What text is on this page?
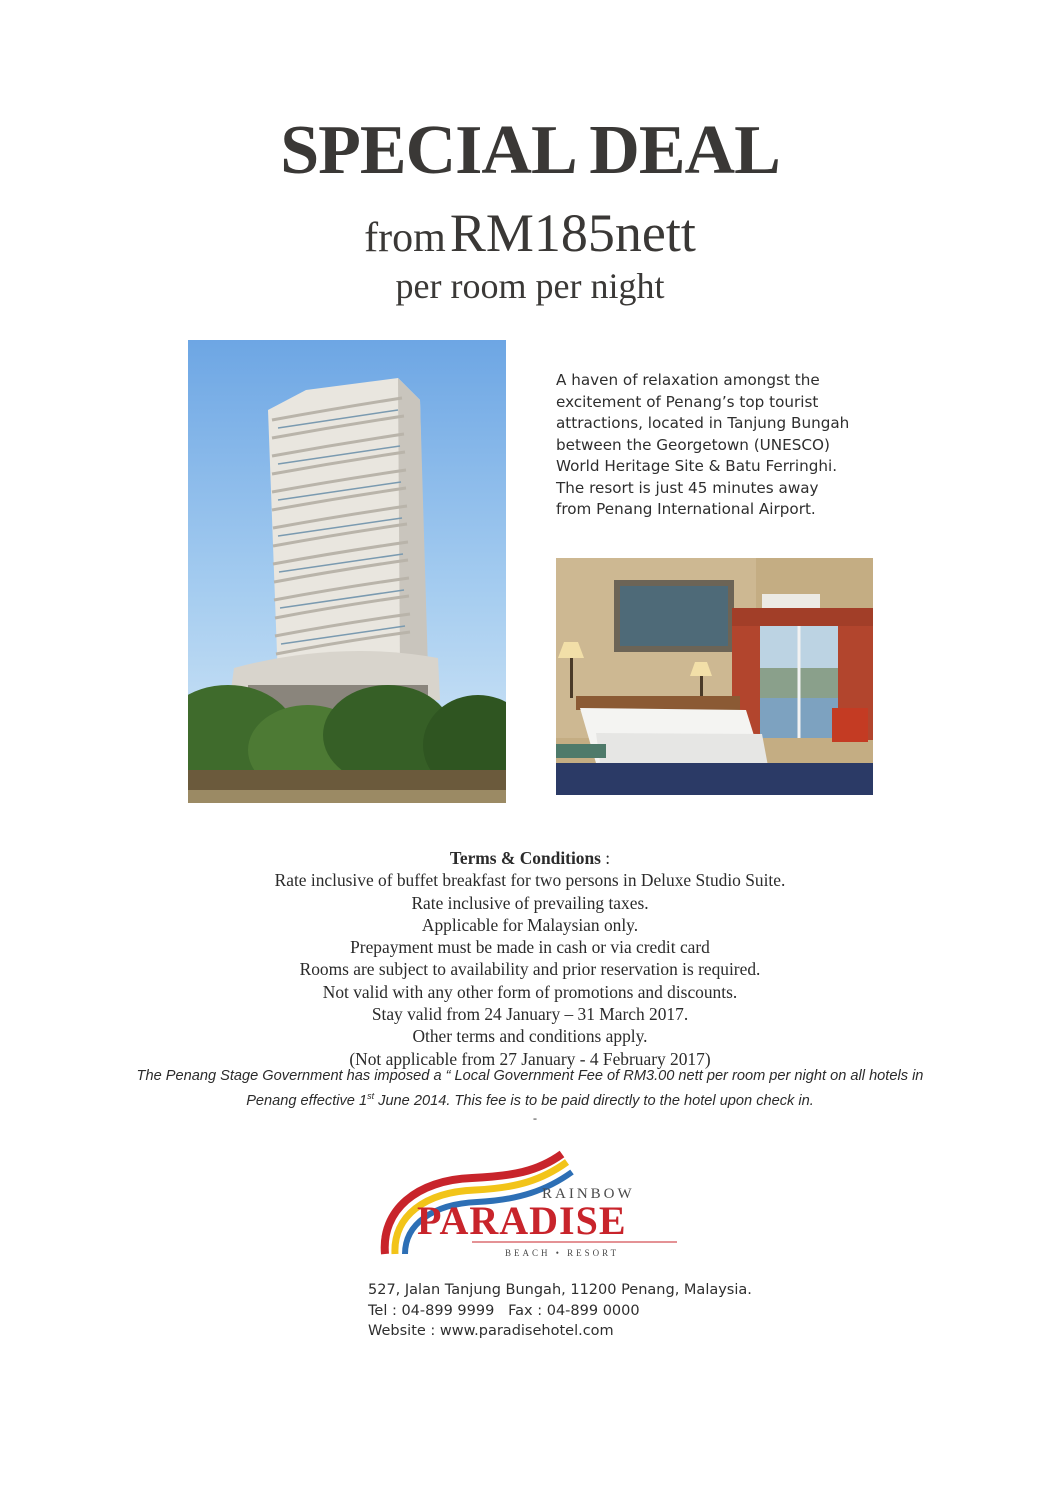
SPECIAL DEAL
from RM185nett
per room per night
A haven of relaxation amongst the
excitement of Penang’s top tourist
attractions, located in Tanjung Bungah
between the Georgetown (UNESCO)
World Heritage Site & Batu Ferringhi.
The resort is just 45 minutes away
from Penang International Airport.
Terms & Conditions :
Rate inclusive of buffet breakfast for two persons in Deluxe Studio Suite.
Rate inclusive of prevailing taxes.
Applicable for Malaysian only.
Prepayment must be made in cash or via credit card
Rooms are subject to availability and prior reservation is required.
Not valid with any other form of promotions and discounts.
Stay valid from 24 January – 31 March 2017.
Other terms and conditions apply.
(Not applicable from 27 January - 4 February 2017)
The Penang Stage Government has imposed a “ Local Government Fee of RM3.00 nett per room per night on all hotels in
Penang effective 1st June 2014. This fee is to be paid directly to the hotel upon check in.
-
RAINBOW
PARADISE
BEACH • RESORT
527, Jalan Tanjung Bungah, 11200 Penang, Malaysia.
Tel : 04-899 9999   Fax : 04-899 0000
Website : www.paradisehotel.com
